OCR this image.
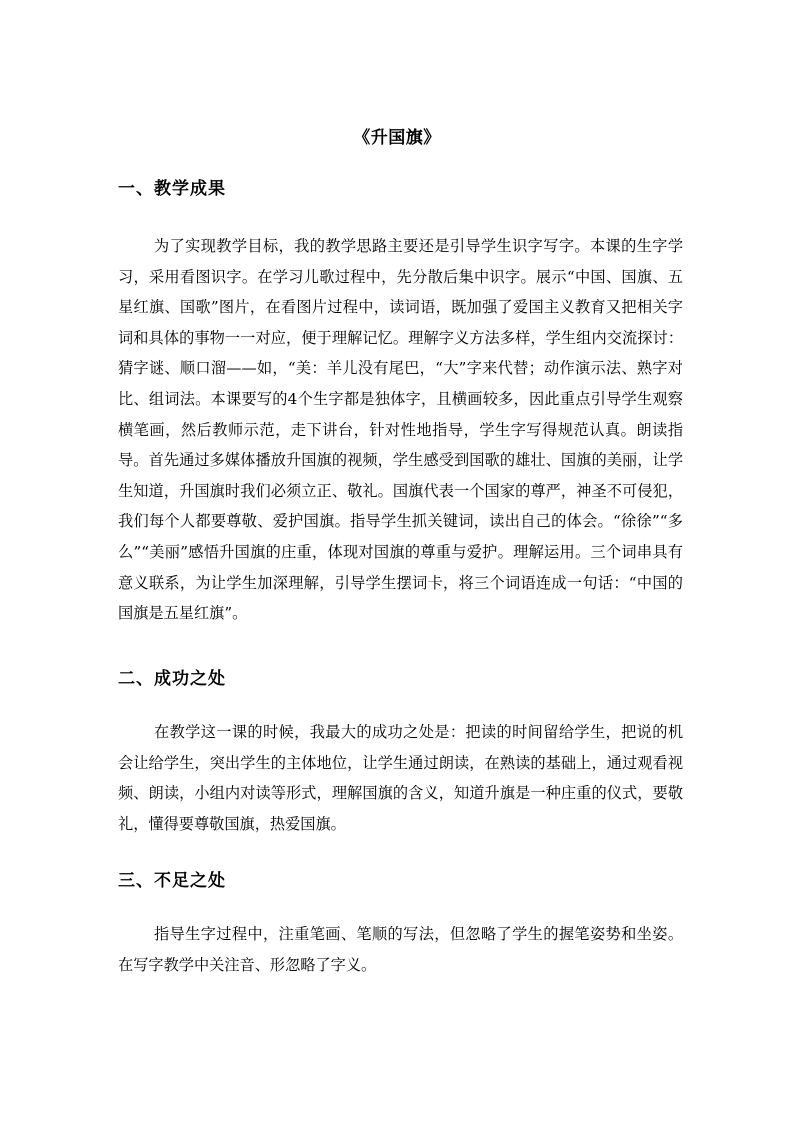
《升国旗》
一、教学成果

为了实现教学目标，我的教学思路主要还是引导学生识字写字。本课的生字学习，采用看图识字。在学习儿歌过程中，先分散后集中识字。展示“中国、国旗、五星红旗、国歌”图片，在看图片过程中，读词语，既加强了爱国主义教育又把相关字词和具体的事物一一对应，便于理解记忆。理解字义方法多样，学生组内交流探讨：猜字谜、顺口溜——如，“美：羊儿没有尾巴，“大”字来代替；动作演示法、熟字对比、组词法。本课要写的4个生字都是独体字，且横画较多，因此重点引导学生观察横笔画，然后教师示范，走下讲台，针对性地指导，学生字写得规范认真。朗读指导。首先通过多媒体播放升国旗的视频，学生感受到国歌的雄壮、国旗的美丽，让学生知道，升国旗时我们必须立正、敬礼。国旗代表一个国家的尊严，神圣不可侵犯，我们每个人都要尊敬、爱护国旗。指导学生抓关键词，读出自己的体会。“徐徐”“多么”“美丽”感悟升国旗的庄重，体现对国旗的尊重与爱护。理解运用。三个词串具有意义联系，为让学生加深理解，引导学生摆词卡，将三个词语连成一句话：“中国的国旗是五星红旗”。

二、成功之处

在教学这一课的时候，我最大的成功之处是：把读的时间留给学生，把说的机会让给学生，突出学生的主体地位，让学生通过朗读，在熟读的基础上，通过观看视频、朗读，小组内对读等形式，理解国旗的含义，知道升旗是一种庄重的仪式，要敬礼，懂得要尊敬国旗，热爱国旗。

三、不足之处

指导生字过程中，注重笔画、笔顺的写法，但忽略了学生的握笔姿势和坐姿。在写字教学中关注音、形忽略了字义。
